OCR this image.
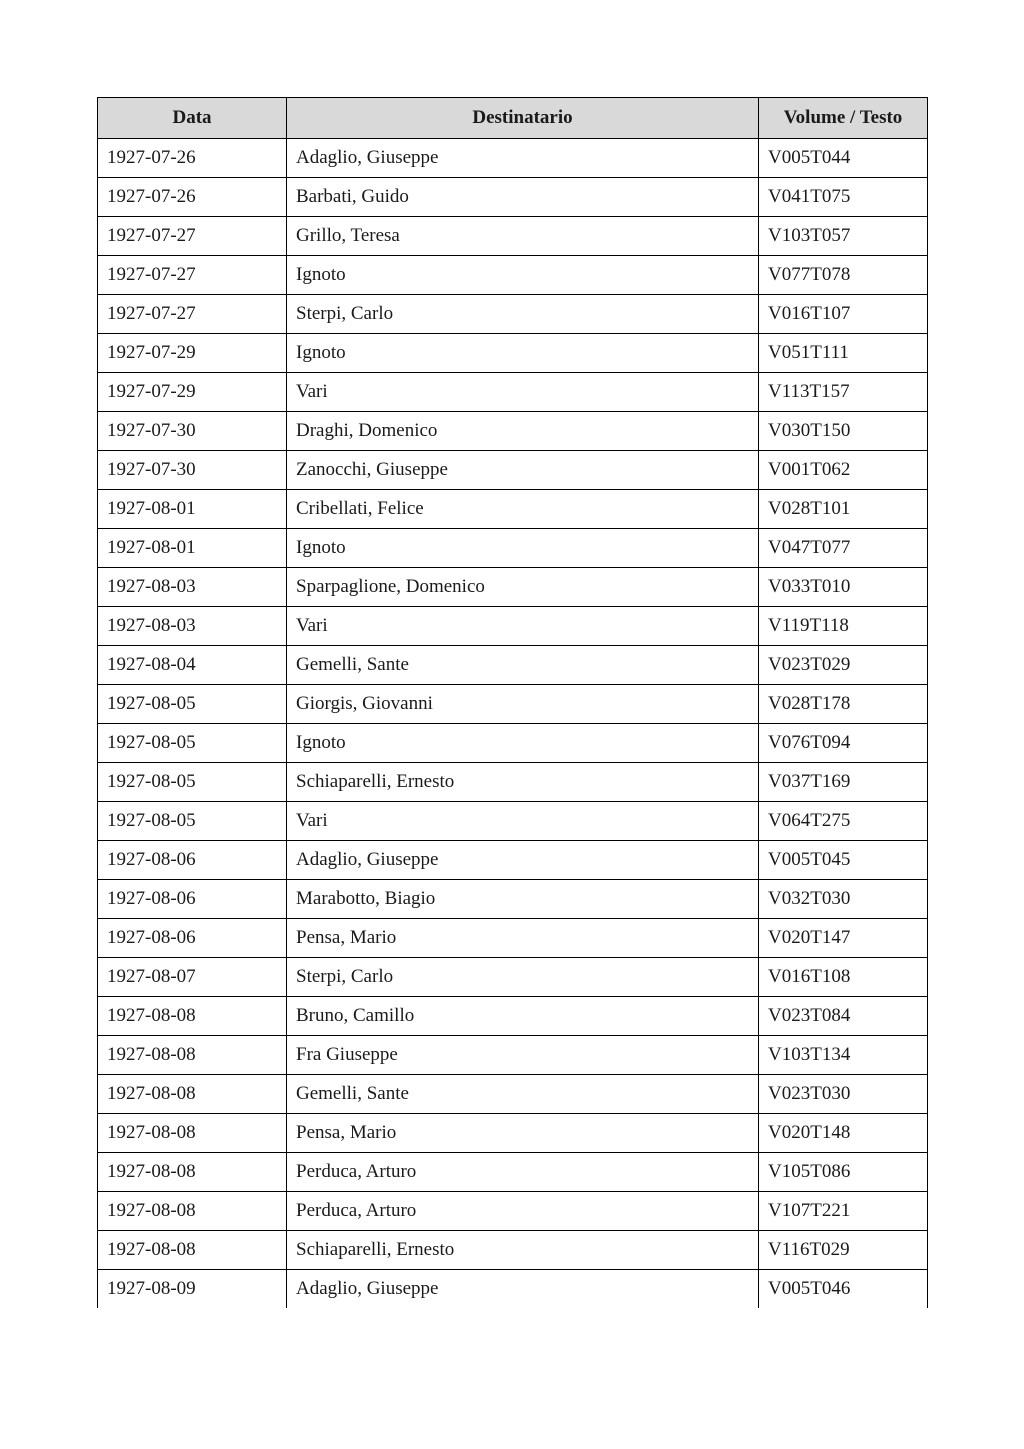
Data	Destinatario	Volume / Testo
1927-07-26	Adaglio, Giuseppe	V005T044
1927-07-26	Barbati, Guido	V041T075
1927-07-27	Grillo, Teresa	V103T057
1927-07-27	Ignoto	V077T078
1927-07-27	Sterpi, Carlo	V016T107
1927-07-29	Ignoto	V051T111
1927-07-29	Vari	V113T157
1927-07-30	Draghi, Domenico	V030T150
1927-07-30	Zanocchi, Giuseppe	V001T062
1927-08-01	Cribellati, Felice	V028T101
1927-08-01	Ignoto	V047T077
1927-08-03	Sparpaglione, Domenico	V033T010
1927-08-03	Vari	V119T118
1927-08-04	Gemelli, Sante	V023T029
1927-08-05	Giorgis, Giovanni	V028T178
1927-08-05	Ignoto	V076T094
1927-08-05	Schiaparelli, Ernesto	V037T169
1927-08-05	Vari	V064T275
1927-08-06	Adaglio, Giuseppe	V005T045
1927-08-06	Marabotto, Biagio	V032T030
1927-08-06	Pensa, Mario	V020T147
1927-08-07	Sterpi, Carlo	V016T108
1927-08-08	Bruno, Camillo	V023T084
1927-08-08	Fra Giuseppe	V103T134
1927-08-08	Gemelli, Sante	V023T030
1927-08-08	Pensa, Mario	V020T148
1927-08-08	Perduca, Arturo	V105T086
1927-08-08	Perduca, Arturo	V107T221
1927-08-08	Schiaparelli, Ernesto	V116T029
1927-08-09	Adaglio, Giuseppe	V005T046
